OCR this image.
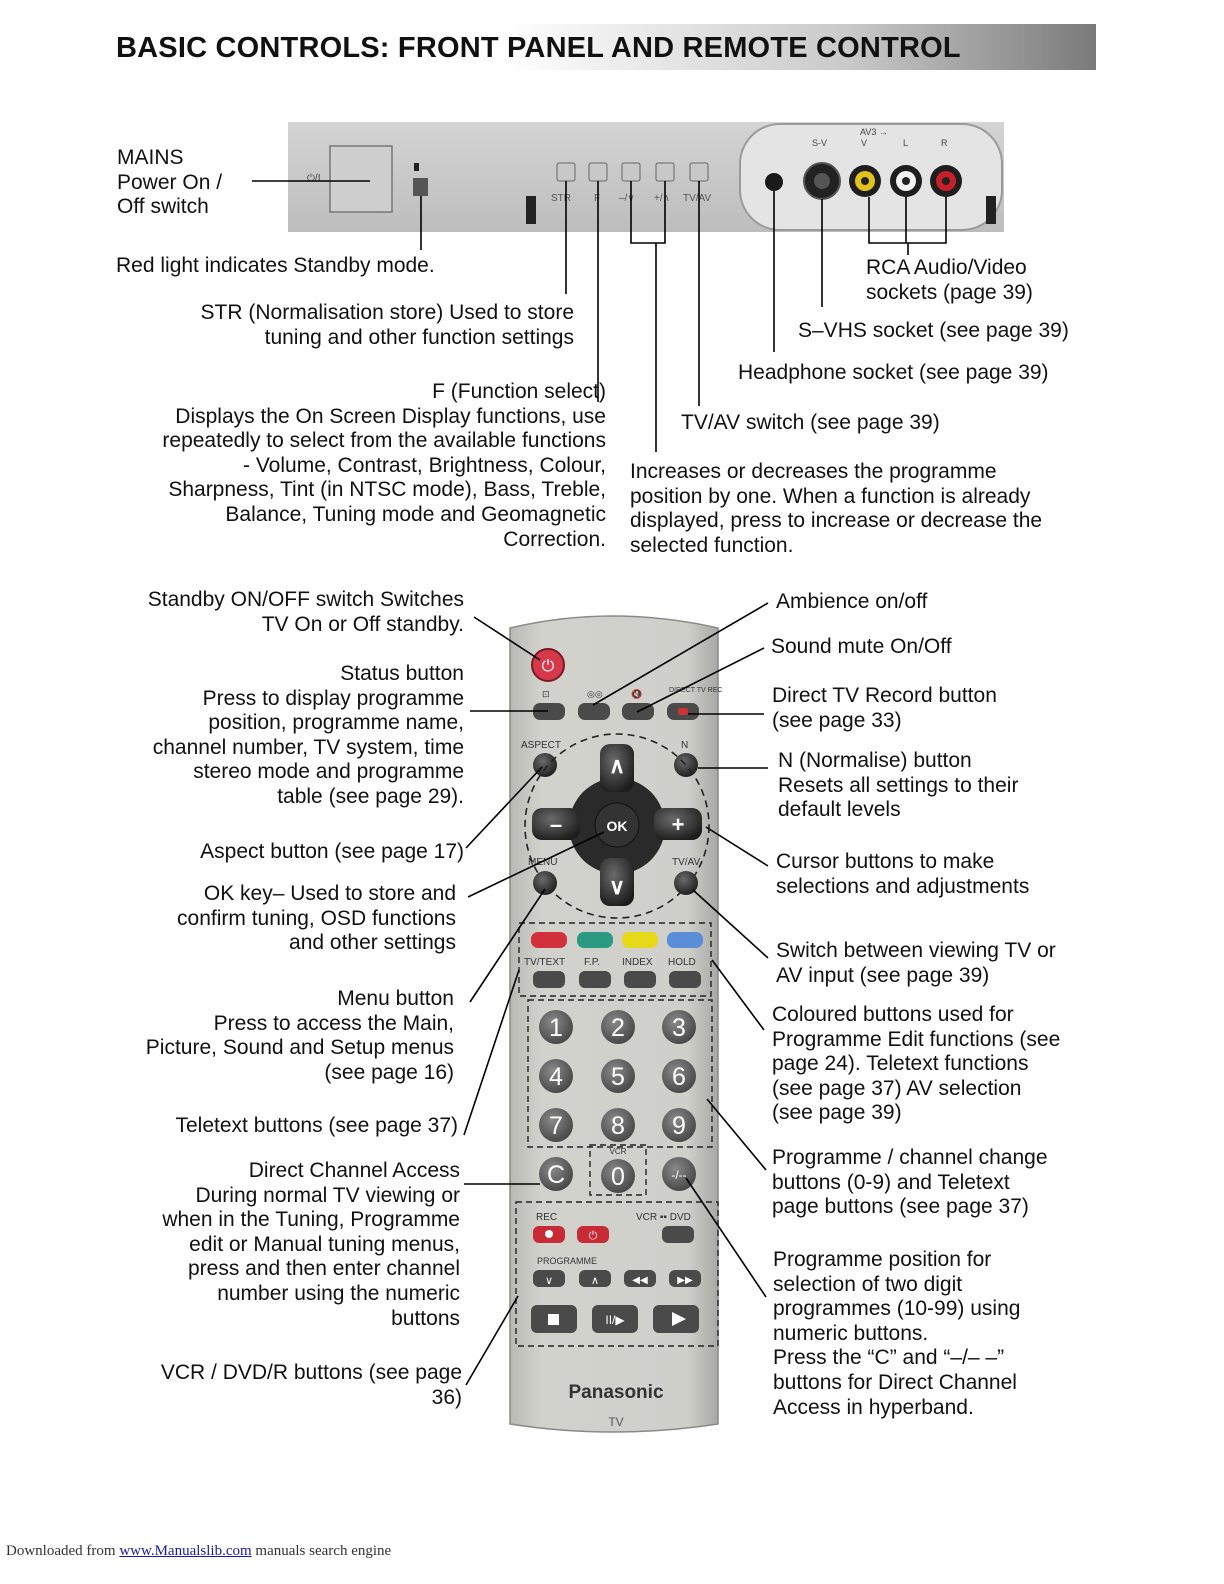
BASIC CONTROLS: FRONT PANEL AND REMOTE CONTROL
⏻/I
STR F –/∨ +/∧ TV/AV
AV3 →
S-V	V	L	R
⏻
⊡	◎◎	🔇	DIRECT TV REC
ASPECT	N
OK
∧
∨
–	+
MENU	TV/AV
TV/TEXT F.P. INDEX HOLD
1 2 3
4 5 6
7 8 9
C
VCR
0	-/--
REC	VCR ▪▪ DVD
⏻
PROGRAMME
∨	∧	◀◀	▶▶
II/▶
Panasonic
TV
MAINS
Power On /
Off switch
Red light indicates Standby mode.
STR (Normalisation store) Used to store
tuning and other function settings
F (Function select)
Displays the On Screen Display functions, use
repeatedly to select from the available functions
- Volume, Contrast, Brightness, Colour,
Sharpness, Tint (in NTSC mode), Bass, Treble,
Balance, Tuning mode and Geomagnetic
Correction.
RCA Audio/Video
sockets (page 39)
S–VHS socket (see page 39)
Headphone socket (see page 39)
TV/AV switch (see page 39)
Increases or decreases the programme
position by one. When a function is already
displayed, press to increase or decrease the
selected function.
Standby ON/OFF switch Switches
TV On or Off standby.
Status button
Press to display programme
position, programme name,
channel number, TV system, time
stereo mode and programme
table (see page 29).
Aspect button (see page 17)
OK key– Used to store and
confirm tuning, OSD functions
and other settings
Menu button
Press to access the Main,
Picture, Sound and Setup menus
(see page 16)
Teletext buttons (see page 37)
Direct Channel Access
During normal TV viewing or
when in the Tuning, Programme
edit or Manual tuning menus,
press and then enter channel
number using the numeric
buttons
VCR / DVD/R buttons (see page
36)
Ambience on/off
Sound mute On/Off
Direct TV Record button
(see page 33)
N (Normalise) button
Resets all settings to their
default levels
Cursor buttons to make
selections and adjustments
Switch between viewing TV or
AV input (see page 39)
Coloured buttons used for
Programme Edit functions (see
page 24). Teletext functions
(see page 37) AV selection
(see page 39)
Programme / channel change
buttons (0-9) and Teletext
page buttons (see page 37)
Programme position for
selection of two digit
programmes (10-99) using
numeric buttons.
Press the “C” and “–/– –”
buttons for Direct Channel
Access in hyperband.
Downloaded from www.Manualslib.com manuals search engine
